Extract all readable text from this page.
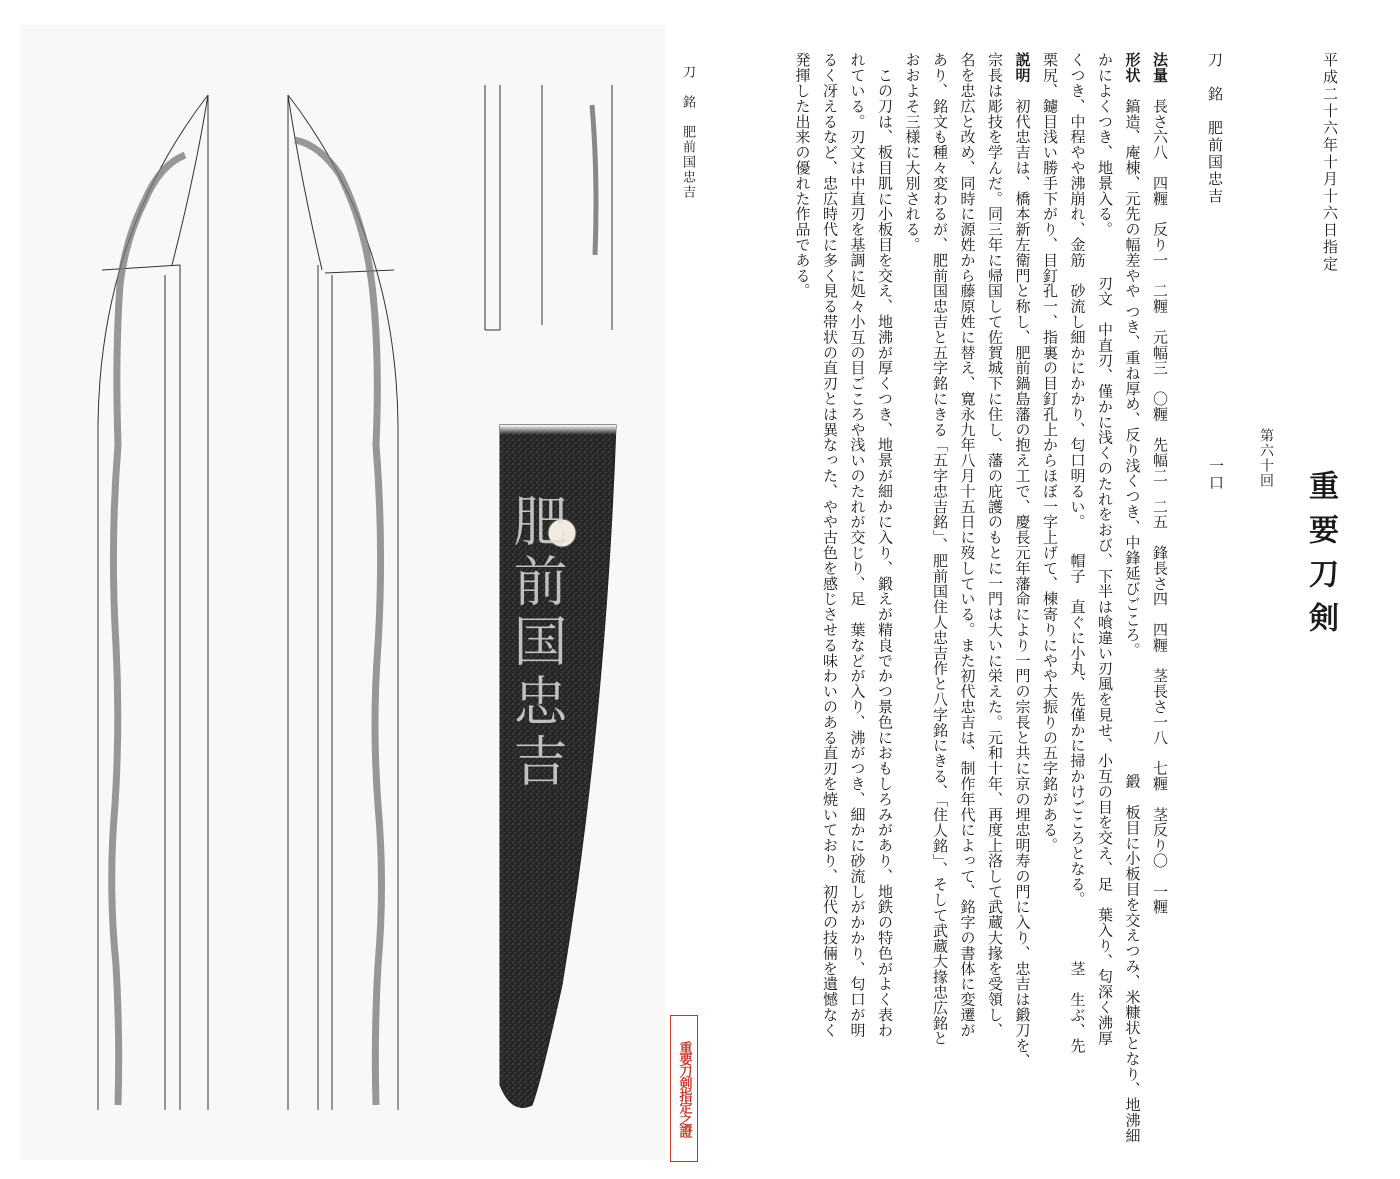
肥前国忠吉
刀
銘　肥前国忠吉
重要刀剣指定之證
平成二十六年十月十六日指定
第六十回
重要刀剣
刀　銘　肥前国忠吉
一口
法量　長さ六八　四糎　反り一　二糎　元幅三　〇糎　先幅二　二五　鋒長さ四　四糎　茎長さ一八　七糎　茎反り〇　一糎
形状　鎬造、庵棟、元先の幅差やや つき、重ね厚め、反り浅くつき、中鋒延びごころ。　　　　　　　　鍛　板目に小板目を交えつみ、米糠状となり、地沸細
かによくつき、地景入る。　　　刃文　中直刃、僅かに浅くのたれをおび、下半は喰違い刃風を見せ、小互の目を交え、足　葉入り、匂深く沸厚
くつき、中程やや沸崩れ、金筋　砂流し細かにかかり、匂口明るい。　　帽子　直ぐに小丸、先僅かに掃かけごころとなる。　　　　茎　生ぶ、先
栗尻、鑢目浅い勝手下がり、目釘孔一、指裏の目釘孔上からほぼ一字上げて、棟寄りにやや大振りの五字銘がある。
説明　初代忠吉は、橋本新左衛門と称し、肥前鍋島藩の抱え工で、慶長元年藩命により一門の宗長と共に京の埋忠明寿の門に入り、忠吉は鍛刀を、
宗長は彫技を学んだ。同三年に帰国して佐賀城下に住し、藩の庇護のもとに一門は大いに栄えた。元和十年、再度上洛して武蔵大掾を受領し、
名を忠広と改め、同時に源姓から藤原姓に替え、寛永九年八月十五日に歿している。また初代忠吉は、制作年代によって、銘字の書体に変遷が
あり、銘文も種々変わるが、肥前国忠吉と五字銘にきる「五字忠吉銘」、肥前国住人忠吉作と八字銘にきる、「住人銘」、そして武蔵大掾忠広銘と
おおよそ三様に大別される。
　この刀は、板目肌に小板目を交え、地沸が厚くつき、地景が細かに入り、鍛えが精良でかつ景色におもしろみがあり、地鉄の特色がよく表わ
れている。刃文は中直刃を基調に処々小互の目ごころや浅いのたれが交じり、足　葉などが入り、沸がつき、細かに砂流しがかかり、匂口が明
るく冴えるなど、忠広時代に多く見る帯状の直刃とは異なった、やや古色を感じさせる味わいのある直刃を焼いており、初代の技倆を遺憾なく
発揮した出来の優れた作品である。
